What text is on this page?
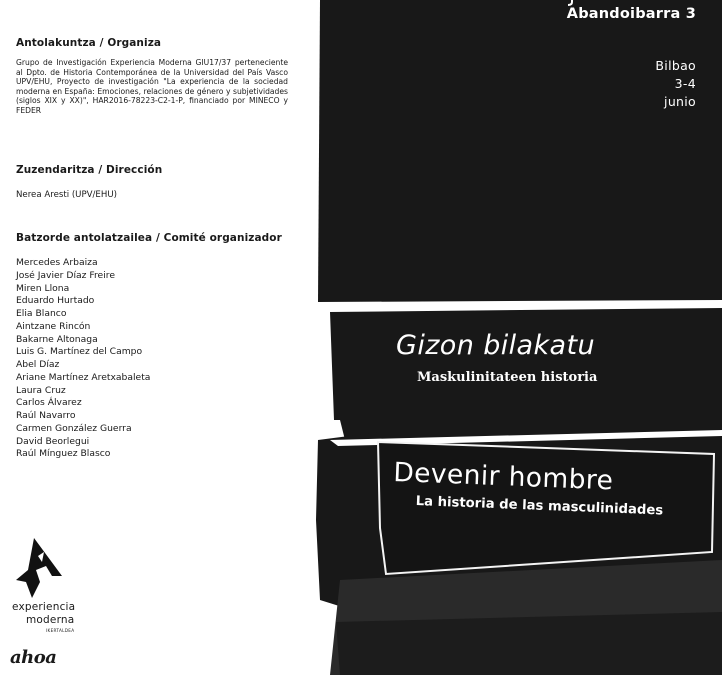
Antolakuntza / Organiza
Grupo de Investigación Experiencia Moderna GIU17/37 perteneciente al Dpto. de Historia Contemporánea de la Universidad del País Vasco UPV/EHU, Proyecto de investigación "La experiencia de la sociedad moderna en España: Emociones, relaciones de género y subjetividades (siglos XIX y XX)", HAR2016-78223-C2-1-P, financiado por MINECO y FEDER
Zuzendaritza / Dirección
Nerea Aresti (UPV/EHU)
Batzorde antolatzailea / Comité organizador
Mercedes Arbaiza
José Javier Díaz Freire
Miren Llona
Eduardo Hurtado
Elia Blanco
Aintzane Rincón
Bakarne Altonaga
Luis G. Martínez del Campo
Abel Díaz
Ariane Martínez Aretxabaleta
Laura Cruz
Carlos Álvarez
Raúl Navarro
Carmen González Guerra
David Beorlegui
Raúl Mínguez Blasco
experiencia
moderna
IKERTALDEA
ahoa
Abandoibarra 3
Bilbao
3-4
junio
Gizon bilakatu
Maskulinitateen historia
Devenir hombre
La historia de las masculinidades
